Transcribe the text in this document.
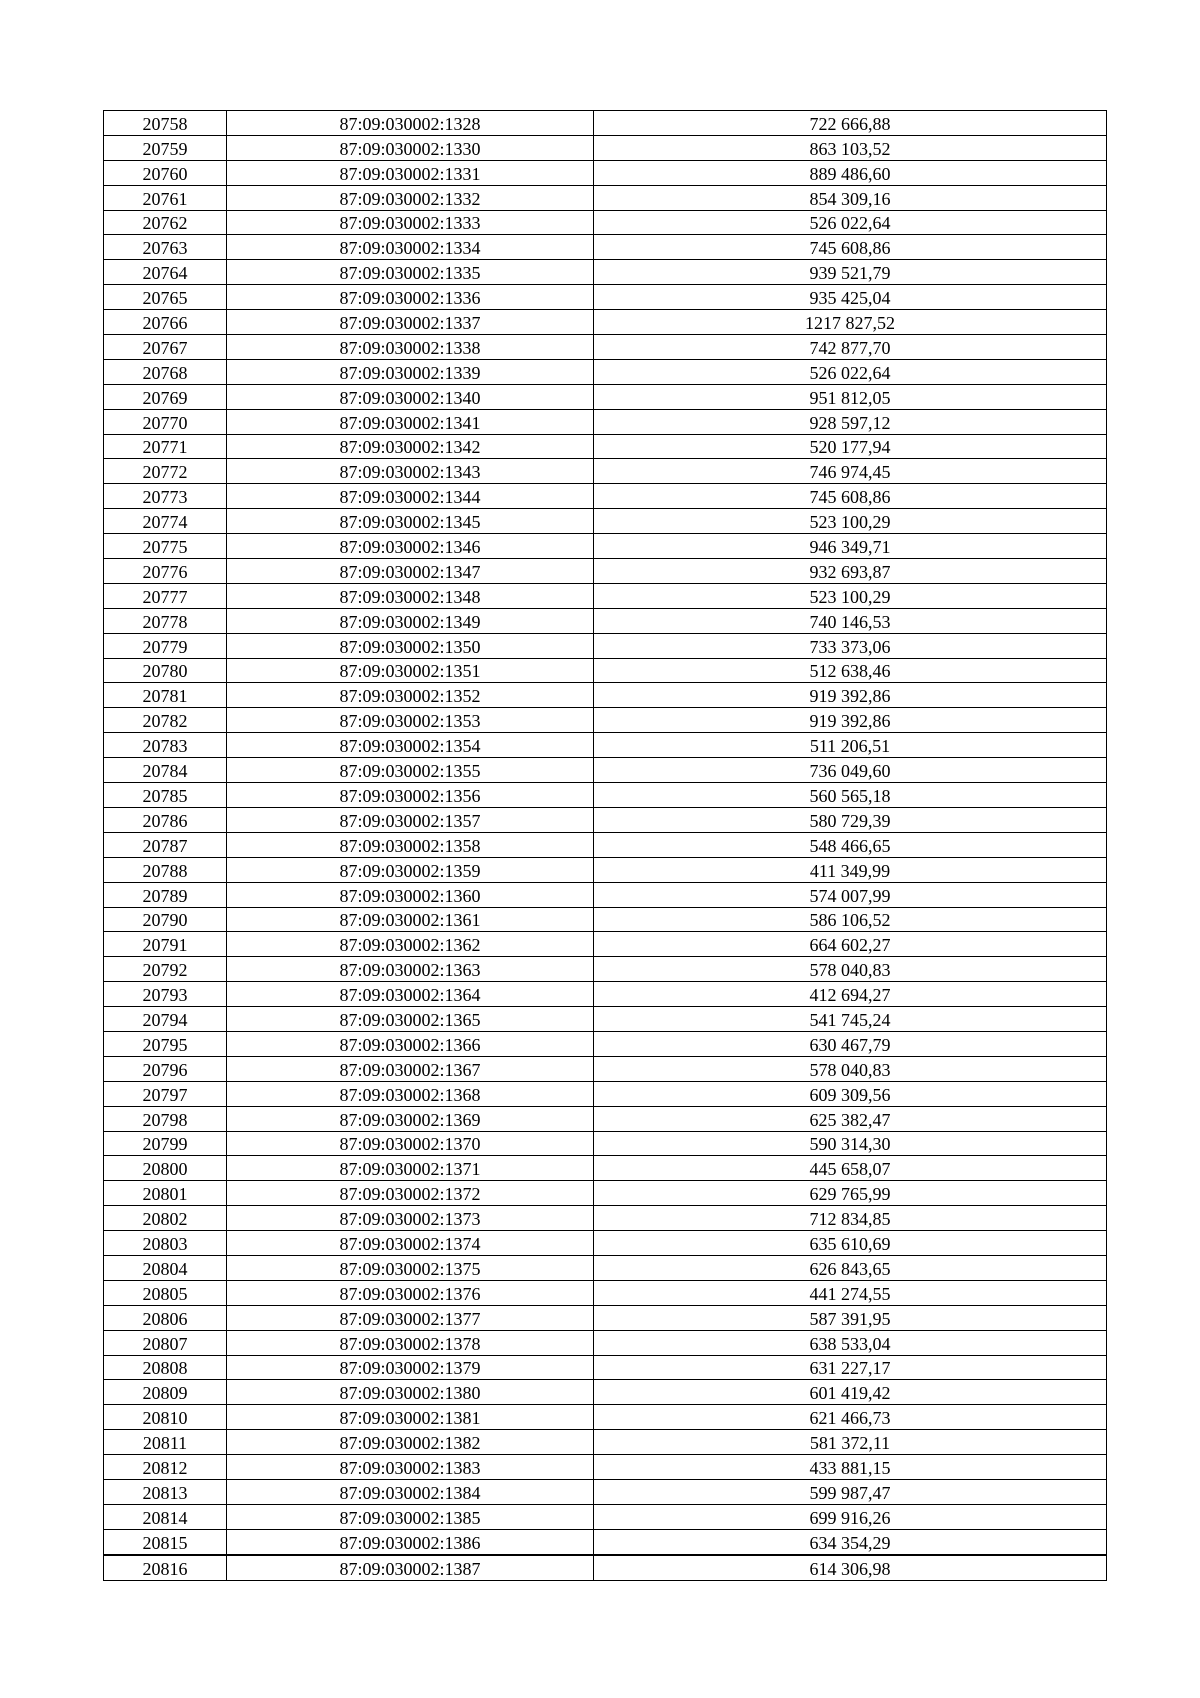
20758	87:09:030002:1328	722 666,88
20759	87:09:030002:1330	863 103,52
20760	87:09:030002:1331	889 486,60
20761	87:09:030002:1332	854 309,16
20762	87:09:030002:1333	526 022,64
20763	87:09:030002:1334	745 608,86
20764	87:09:030002:1335	939 521,79
20765	87:09:030002:1336	935 425,04
20766	87:09:030002:1337	1217 827,52
20767	87:09:030002:1338	742 877,70
20768	87:09:030002:1339	526 022,64
20769	87:09:030002:1340	951 812,05
20770	87:09:030002:1341	928 597,12
20771	87:09:030002:1342	520 177,94
20772	87:09:030002:1343	746 974,45
20773	87:09:030002:1344	745 608,86
20774	87:09:030002:1345	523 100,29
20775	87:09:030002:1346	946 349,71
20776	87:09:030002:1347	932 693,87
20777	87:09:030002:1348	523 100,29
20778	87:09:030002:1349	740 146,53
20779	87:09:030002:1350	733 373,06
20780	87:09:030002:1351	512 638,46
20781	87:09:030002:1352	919 392,86
20782	87:09:030002:1353	919 392,86
20783	87:09:030002:1354	511 206,51
20784	87:09:030002:1355	736 049,60
20785	87:09:030002:1356	560 565,18
20786	87:09:030002:1357	580 729,39
20787	87:09:030002:1358	548 466,65
20788	87:09:030002:1359	411 349,99
20789	87:09:030002:1360	574 007,99
20790	87:09:030002:1361	586 106,52
20791	87:09:030002:1362	664 602,27
20792	87:09:030002:1363	578 040,83
20793	87:09:030002:1364	412 694,27
20794	87:09:030002:1365	541 745,24
20795	87:09:030002:1366	630 467,79
20796	87:09:030002:1367	578 040,83
20797	87:09:030002:1368	609 309,56
20798	87:09:030002:1369	625 382,47
20799	87:09:030002:1370	590 314,30
20800	87:09:030002:1371	445 658,07
20801	87:09:030002:1372	629 765,99
20802	87:09:030002:1373	712 834,85
20803	87:09:030002:1374	635 610,69
20804	87:09:030002:1375	626 843,65
20805	87:09:030002:1376	441 274,55
20806	87:09:030002:1377	587 391,95
20807	87:09:030002:1378	638 533,04
20808	87:09:030002:1379	631 227,17
20809	87:09:030002:1380	601 419,42
20810	87:09:030002:1381	621 466,73
20811	87:09:030002:1382	581 372,11
20812	87:09:030002:1383	433 881,15
20813	87:09:030002:1384	599 987,47
20814	87:09:030002:1385	699 916,26
20815	87:09:030002:1386	634 354,29
20816	87:09:030002:1387	614 306,98
